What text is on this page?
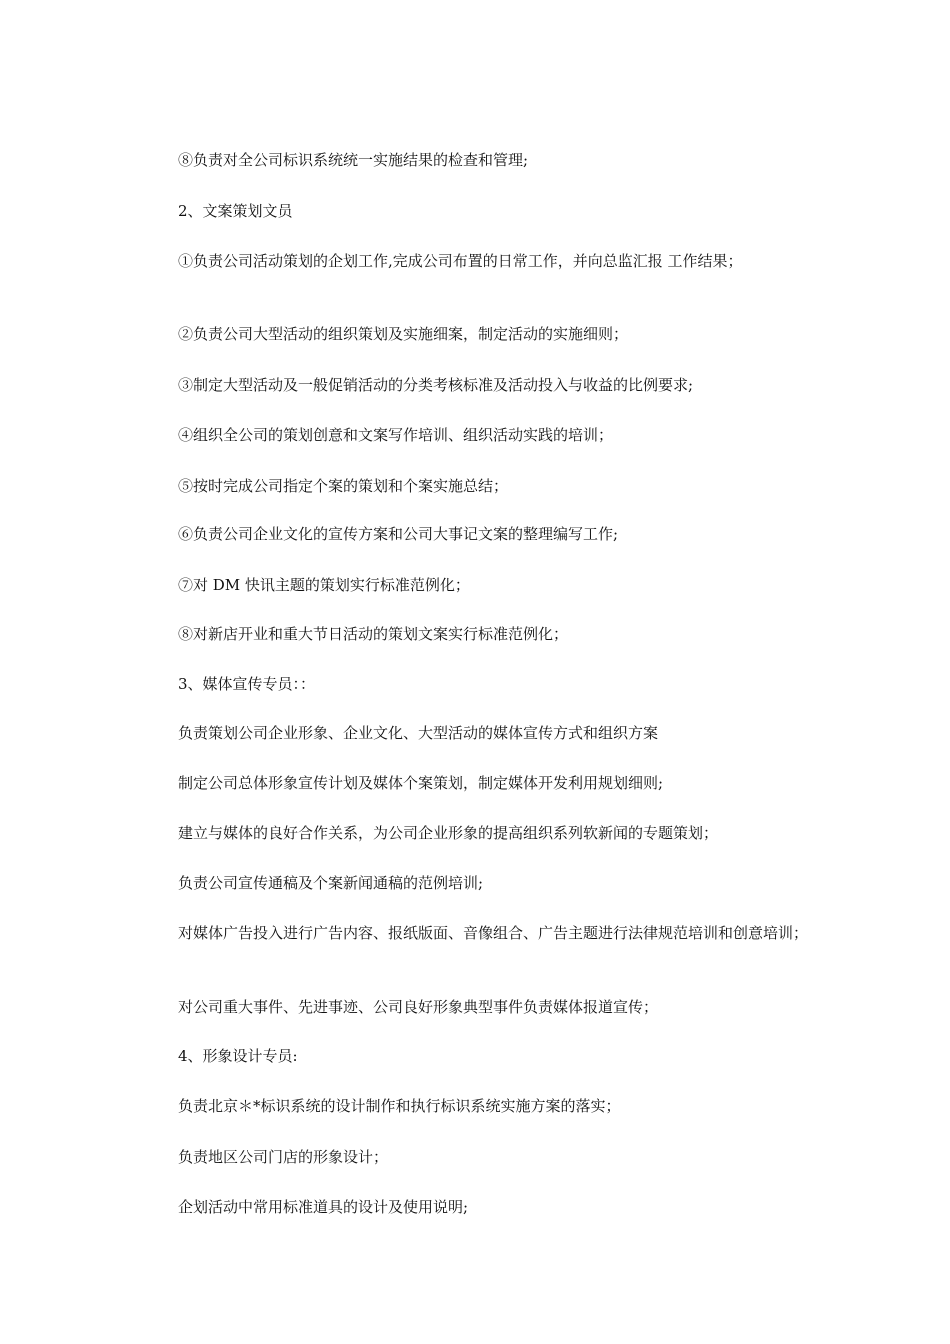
⑧负责对全公司标识系统统一实施结果的检查和管理;
2、文案策划文员
①负责公司活动策划的企划工作,完成公司布置的日常工作，并向总监汇报 工作结果；
②负责公司大型活动的组织策划及实施细案，制定活动的实施细则；
③制定大型活动及一般促销活动的分类考核标准及活动投入与收益的比例要求;
④组织全公司的策划创意和文案写作培训、组织活动实践的培训；
⑤按时完成公司指定个案的策划和个案实施总结；
⑥负责公司企业文化的宣传方案和公司大事记文案的整理编写工作;
⑦对 DM 快讯主题的策划实行标准范例化；
⑧对新店开业和重大节日活动的策划文案实行标准范例化；
3、媒体宣传专员：：
负责策划公司企业形象、企业文化、大型活动的媒体宣传方式和组织方案
制定公司总体形象宣传计划及媒体个案策划，制定媒体开发利用规划细则;
建立与媒体的良好合作关系，为公司企业形象的提高组织系列软新闻的专题策划；
负责公司宣传通稿及个案新闻通稿的范例培训;
对媒体广告投入进行广告内容、报纸版面、音像组合、广告主题进行法律规范培训和创意培训；
对公司重大事件、先进事迹、公司良好形象典型事件负责媒体报道宣传；
4、形象设计专员:
负责北京＊*标识系统的设计制作和执行标识系统实施方案的落实；
负责地区公司门店的形象设计；
企划活动中常用标准道具的设计及使用说明;
